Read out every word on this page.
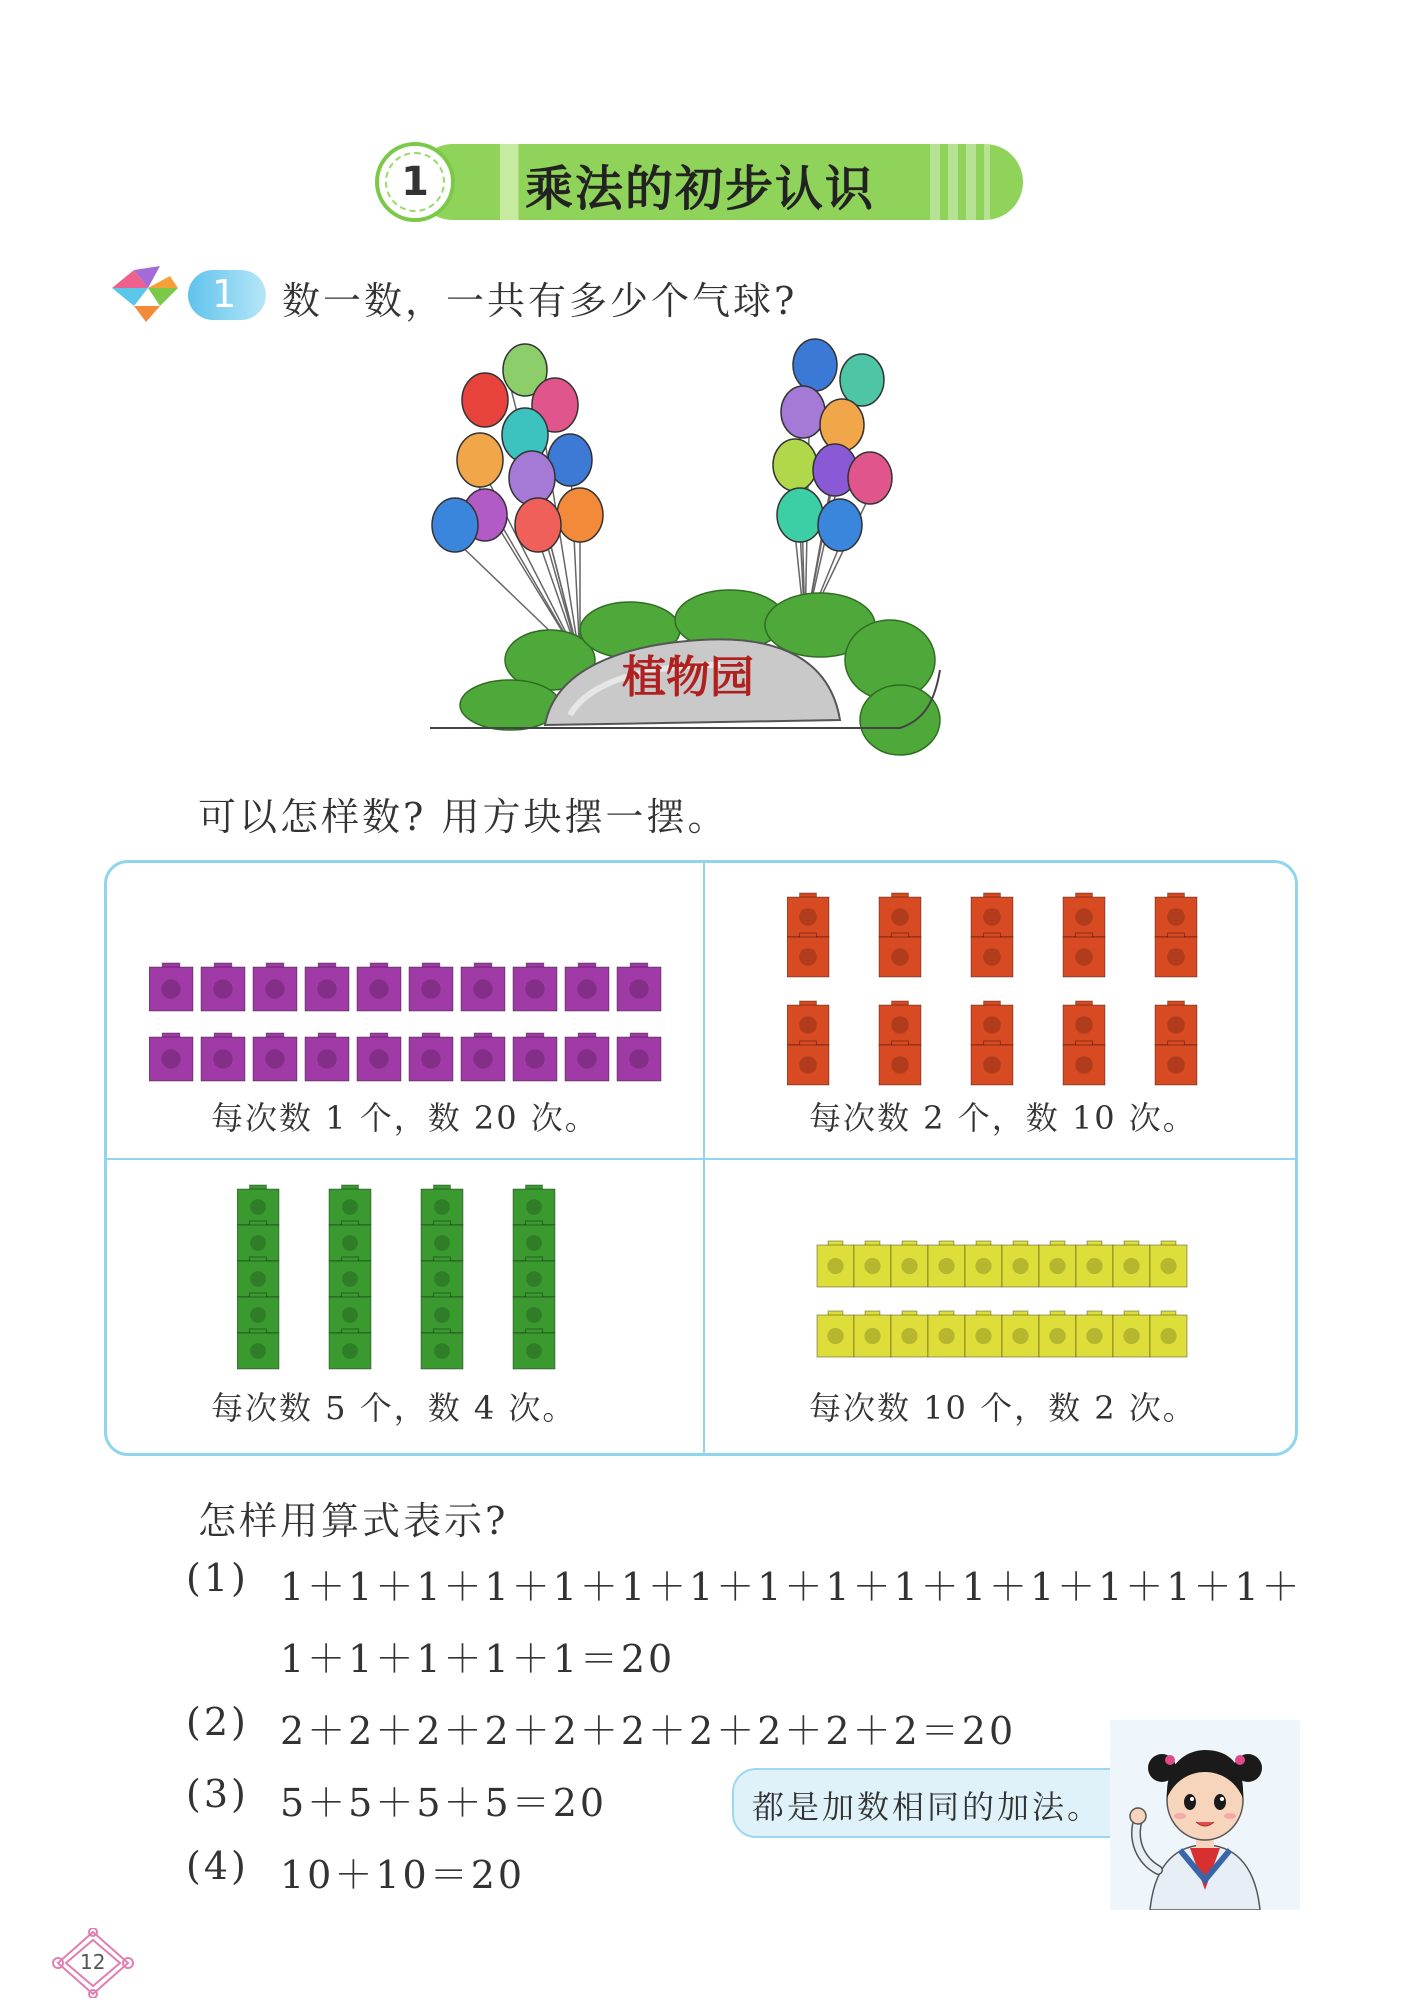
1	乘法的初步认识
1 数一数，一共有多少个气球?
植物园
可以怎样数? 用方块摆一摆。
每次数 1 个，数 20 次。	每次数 2 个，数 10 次。
每次数 5 个，数 4 次。	每次数 10 个，数 2 次。
怎样用算式表示?
(1) 1＋1＋1＋1＋1＋1＋1＋1＋1＋1＋1＋1＋1＋1＋1＋
1＋1＋1＋1＋1＝20
(2) 2＋2＋2＋2＋2＋2＋2＋2＋2＋2＝20
(3) 5＋5＋5＋5＝20
(4) 10＋10＝20
都是加数相同的加法。
12
